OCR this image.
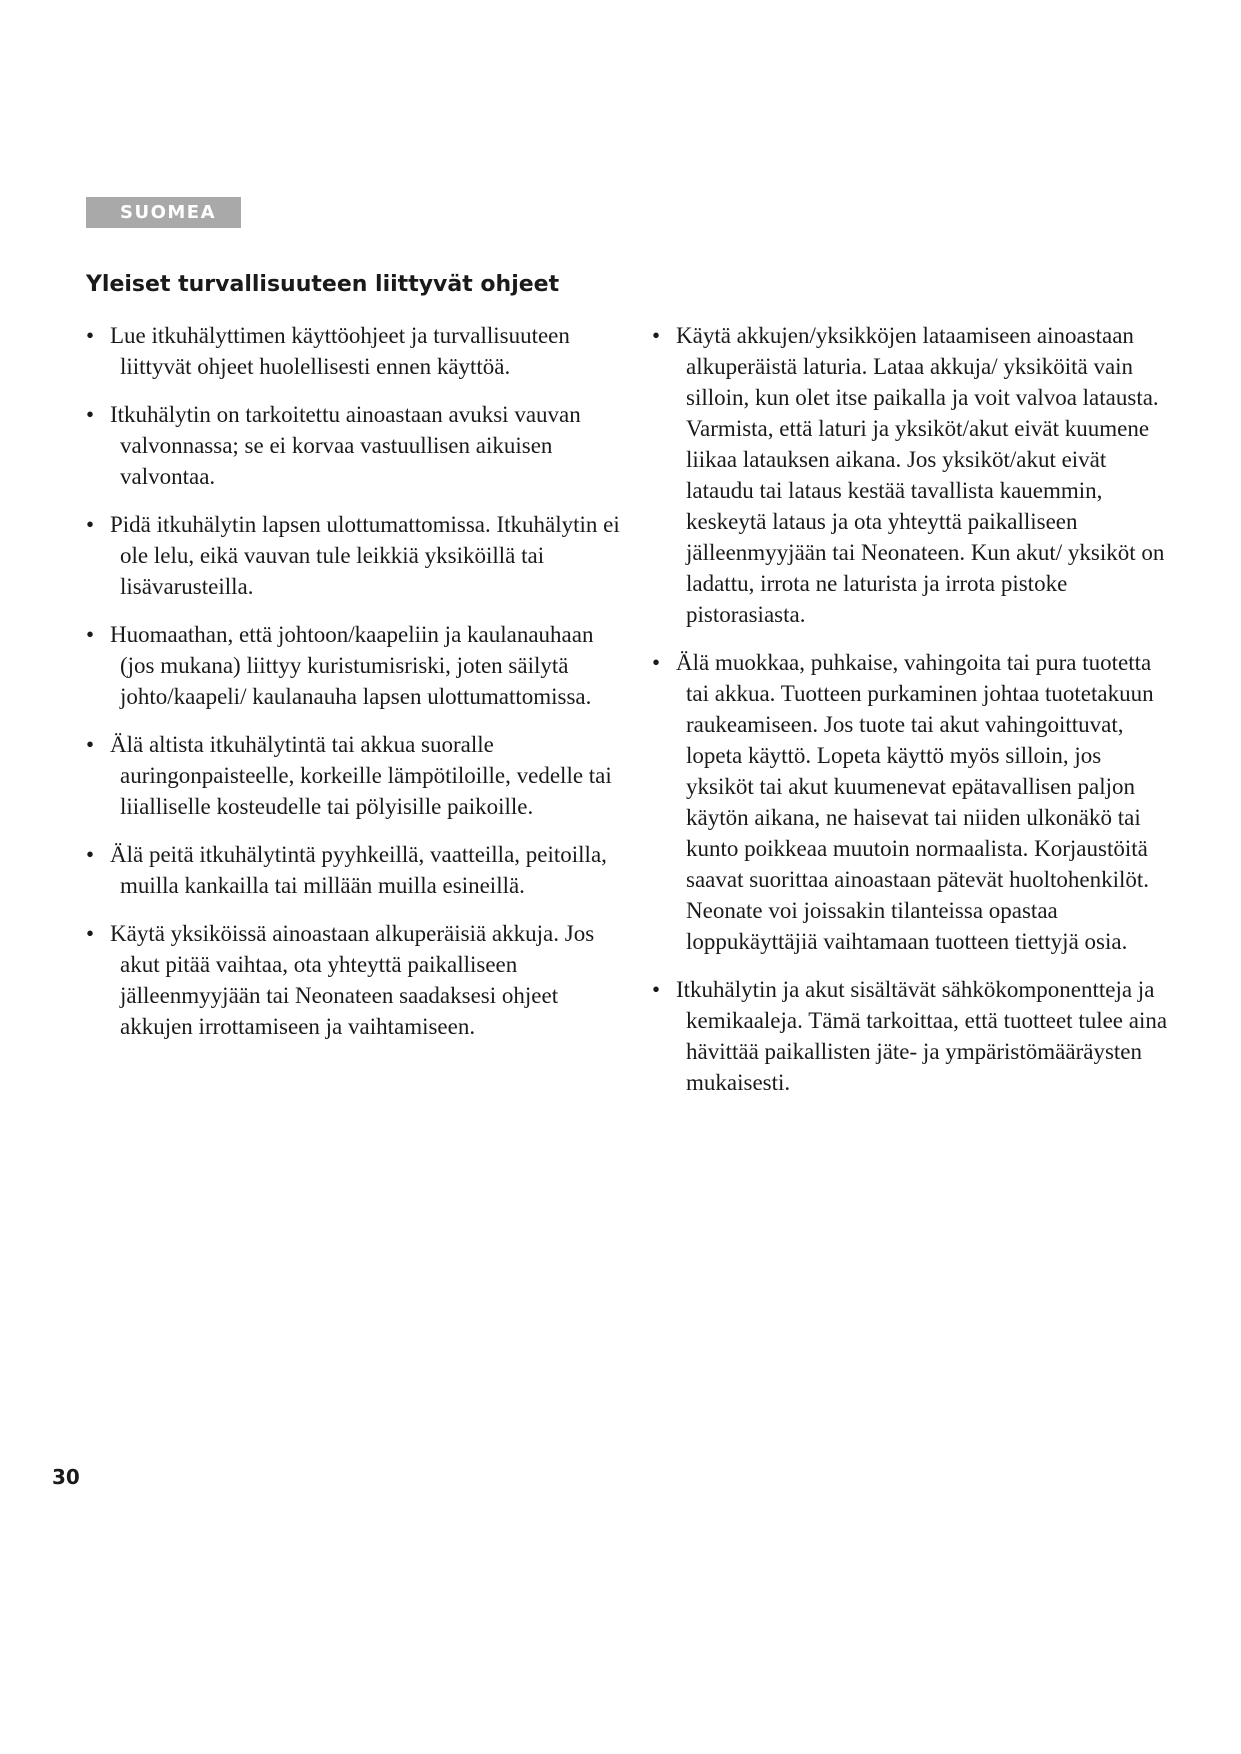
SUOMEA
Yleiset turvallisuuteen liittyvät ohjeet
• Lue itkuhälyttimen käyttöohjeet ja turvallisuuteen liittyvät ohjeet huolellisesti ennen käyttöä.
• Itkuhälytin on tarkoitettu ainoastaan avuksi vauvan valvonnassa; se ei korvaa vastuullisen aikuisen valvontaa.
• Pidä itkuhälytin lapsen ulottumattomissa. Itkuhälytin ei ole lelu, eikä vauvan tule leikkiä yksiköillä tai lisävarusteilla.
• Huomaathan, että johtoon/kaapeliin ja kaulanauhaan (jos mukana) liittyy kuristumisriski, joten säilytä johto/kaapeli/ kaulanauha lapsen ulottumattomissa.
• Älä altista itkuhälytintä tai akkua suoralle auringonpaisteelle, korkeille lämpötiloille, vedelle tai liialliselle kosteudelle tai pölyisille paikoille.
• Älä peitä itkuhälytintä pyyhkeillä, vaatteilla, peitoilla, muilla kankailla tai millään muilla esineillä.
• Käytä yksiköissä ainoastaan alkuperäisiä akkuja. Jos akut pitää vaihtaa, ota yhteyttä paikalliseen jälleenmyyjään tai Neonateen saadaksesi ohjeet akkujen irrottamiseen ja vaihtamiseen.
• Käytä akkujen/yksikköjen lataamiseen ainoastaan alkuperäistä laturia. Lataa akkuja/ yksiköitä vain silloin, kun olet itse paikalla ja voit valvoa latausta. Varmista, että laturi ja yksiköt/akut eivät kuumene liikaa latauksen aikana. Jos yksiköt/akut eivät lataudu tai lataus kestää tavallista kauemmin, keskeytä lataus ja ota yhteyttä paikalliseen jälleenmyyjään tai Neonateen. Kun akut/ yksiköt on ladattu, irrota ne laturista ja irrota pistoke pistorasiasta.
• Älä muokkaa, puhkaise, vahingoita tai pura tuotetta tai akkua. Tuotteen purkaminen johtaa tuotetakuun raukeamiseen. Jos tuote tai akut vahingoittuvat, lopeta käyttö. Lopeta käyttö myös silloin, jos yksiköt tai akut kuumenevat epätavallisen paljon käytön aikana, ne haisevat tai niiden ulkonäkö tai kunto poikkeaa muutoin normaalista. Korjaustöitä saavat suorittaa ainoastaan pätevät huoltohenkilöt. Neonate voi joissakin tilanteissa opastaa loppukäyttäjiä vaihtamaan tuotteen tiettyjä osia.
• Itkuhälytin ja akut sisältävät sähkökomponentteja ja kemikaaleja. Tämä tarkoittaa, että tuotteet tulee aina hävittää paikallisten jäte- ja ympäristömääräysten mukaisesti.
30
